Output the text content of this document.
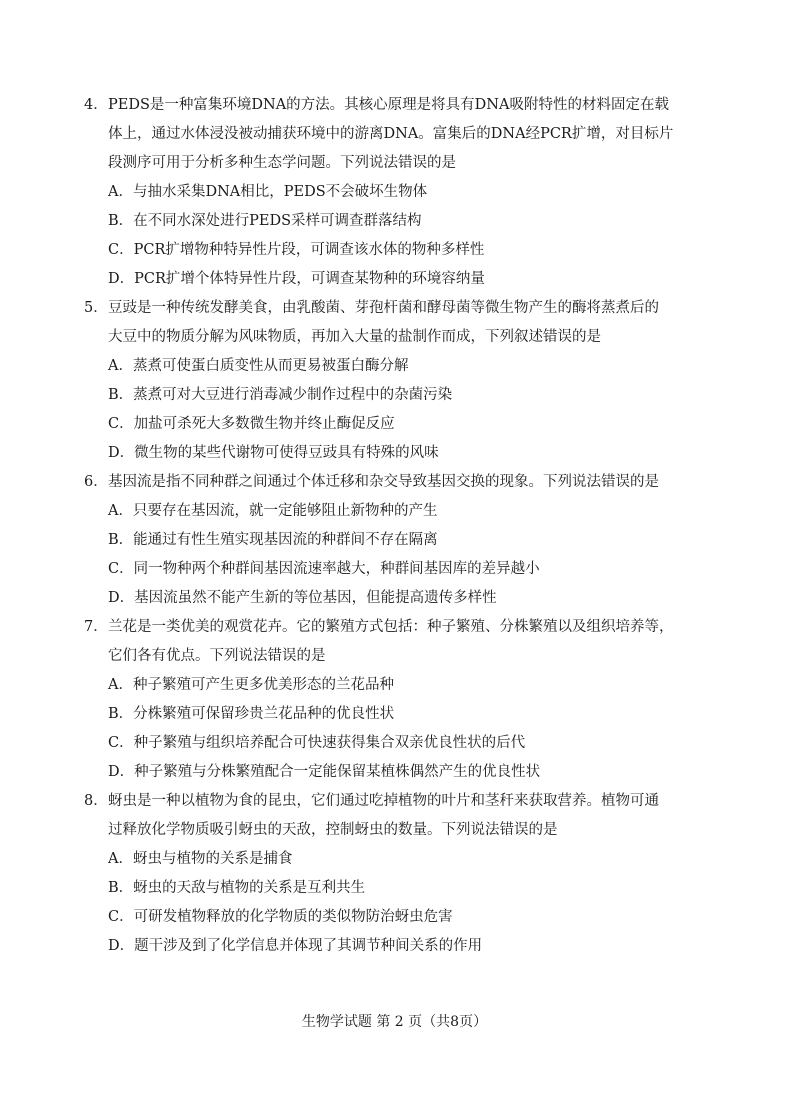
4．PEDS是一种富集环境DNA的方法。其核心原理是将具有DNA吸附特性的材料固定在载
体上，通过水体浸没被动捕获环境中的游离DNA。富集后的DNA经PCR扩增，对目标片
段测序可用于分析多种生态学问题。下列说法错误的是
A．与抽水采集DNA相比，PEDS不会破坏生物体
B．在不同水深处进行PEDS采样可调查群落结构
C．PCR扩增物种特异性片段，可调查该水体的物种多样性
D．PCR扩增个体特异性片段，可调查某物种的环境容纳量
5．豆豉是一种传统发酵美食，由乳酸菌、芽孢杆菌和酵母菌等微生物产生的酶将蒸煮后的
大豆中的物质分解为风味物质，再加入大量的盐制作而成，下列叙述错误的是
A．蒸煮可使蛋白质变性从而更易被蛋白酶分解
B．蒸煮可对大豆进行消毒减少制作过程中的杂菌污染
C．加盐可杀死大多数微生物并终止酶促反应
D．微生物的某些代谢物可使得豆豉具有特殊的风味
6．基因流是指不同种群之间通过个体迁移和杂交导致基因交换的现象。下列说法错误的是
A．只要存在基因流，就一定能够阻止新物种的产生
B．能通过有性生殖实现基因流的种群间不存在隔离
C．同一物种两个种群间基因流速率越大，种群间基因库的差异越小
D．基因流虽然不能产生新的等位基因，但能提高遗传多样性
7．兰花是一类优美的观赏花卉。它的繁殖方式包括：种子繁殖、分株繁殖以及组织培养等，
它们各有优点。下列说法错误的是
A．种子繁殖可产生更多优美形态的兰花品种
B．分株繁殖可保留珍贵兰花品种的优良性状
C．种子繁殖与组织培养配合可快速获得集合双亲优良性状的后代
D．种子繁殖与分株繁殖配合一定能保留某植株偶然产生的优良性状
8．蚜虫是一种以植物为食的昆虫，它们通过吃掉植物的叶片和茎秆来获取营养。植物可通
过释放化学物质吸引蚜虫的天敌，控制蚜虫的数量。下列说法错误的是
A．蚜虫与植物的关系是捕食
B．蚜虫的天敌与植物的关系是互利共生
C．可研发植物释放的化学物质的类似物防治蚜虫危害
D．题干涉及到了化学信息并体现了其调节种间关系的作用
生物学试题 第 2 页（共8页）
